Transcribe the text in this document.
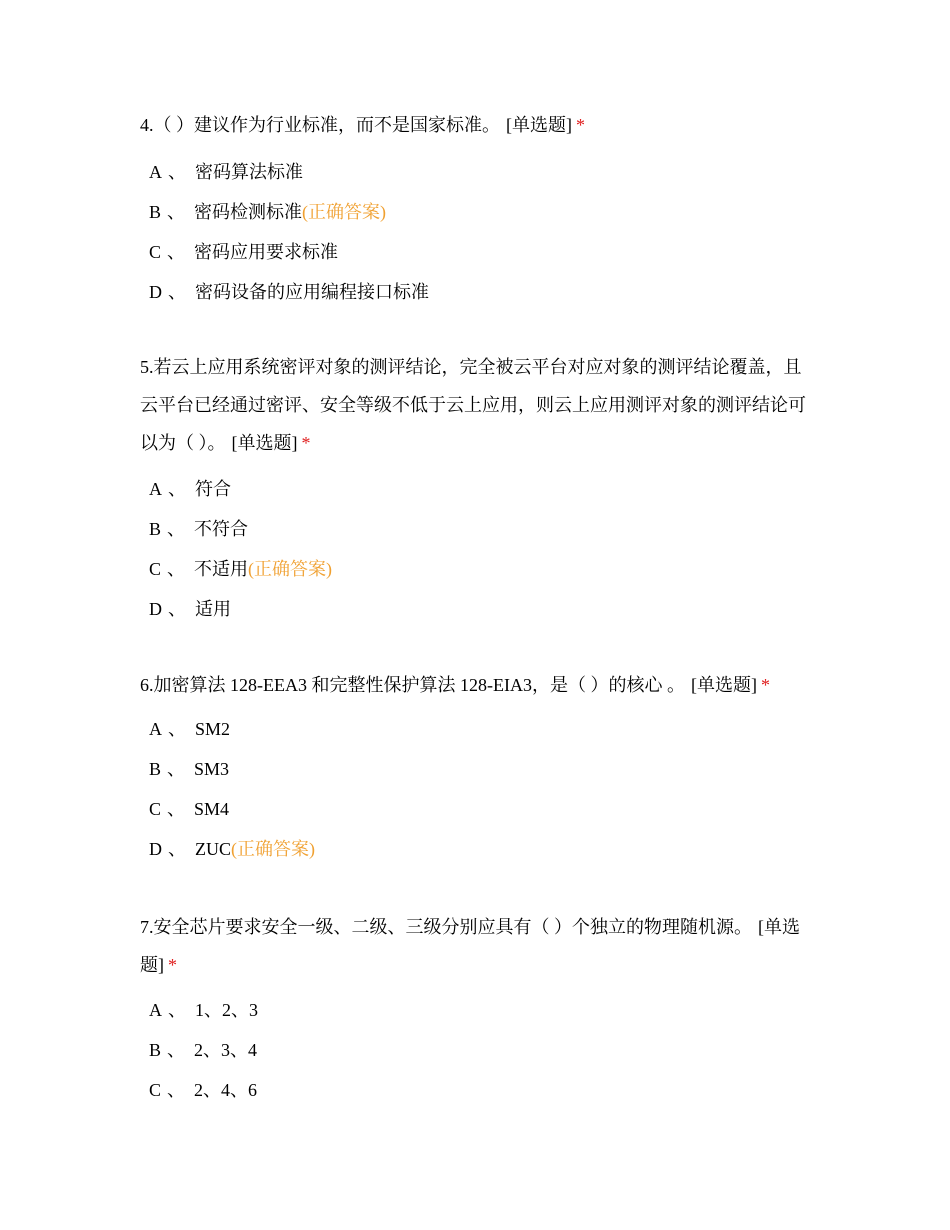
4.（ ）建议作为行业标准，而不是国家标准。 [单选题] *

A 、 密码算法标准
B 、 密码检测标准(正确答案)
C 、 密码应用要求标准
D 、 密码设备的应用编程接口标准

5.若云上应用系统密评对象的测评结论，完全被云平台对应对象的测评结论覆盖，且云平台已经通过密评、安全等级不低于云上应用，则云上应用测评对象的测评结论可以为（ ）。 [单选题] *

A 、 符合
B 、 不符合
C 、 不适用(正确答案)
D 、 适用

6.加密算法 128-EEA3 和完整性保护算法 128-EIA3，是（ ）的核心 。 [单选题] *

A 、 SM2
B 、 SM3
C 、 SM4
D 、 ZUC(正确答案)

7.安全芯片要求安全一级、二级、三级分别应具有（ ）个独立的物理随机源。 [单选题] *

A 、 1、2、3
B 、 2、3、4
C 、 2、4、6
